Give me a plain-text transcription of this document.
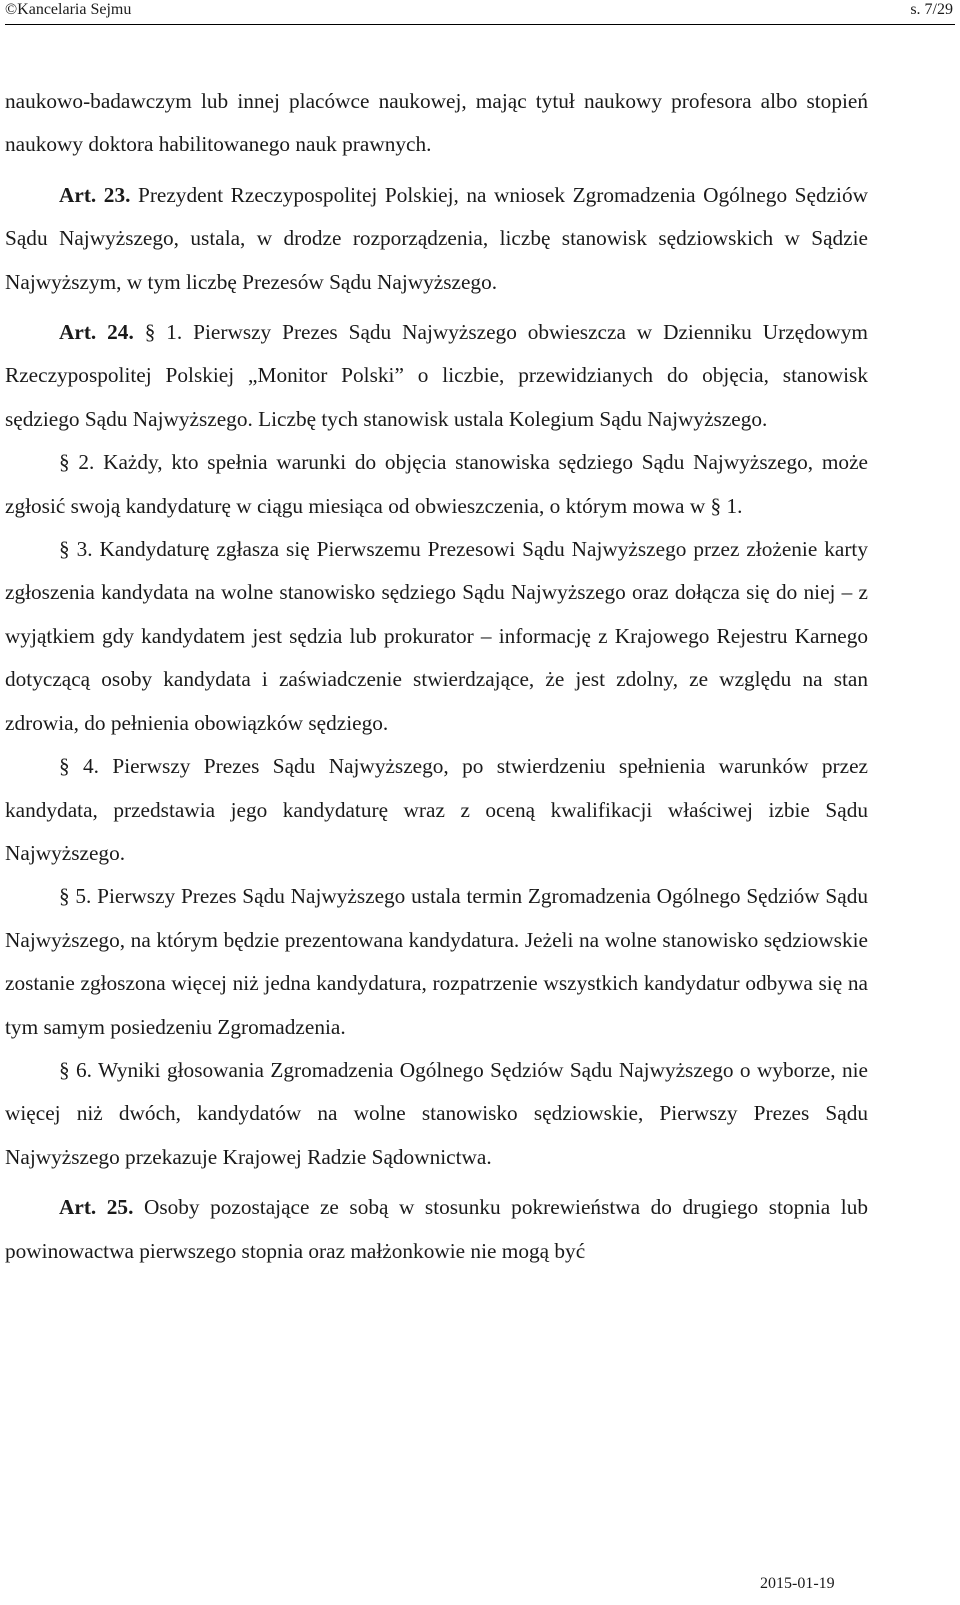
©Kancelaria Sejmu	s. 7/29

naukowo-badawczym lub innej placówce naukowej, mając tytuł naukowy profesora albo stopień naukowy doktora habilitowanego nauk prawnych.

Art. 23. Prezydent Rzeczypospolitej Polskiej, na wniosek Zgromadzenia Ogólnego Sędziów Sądu Najwyższego, ustala, w drodze rozporządzenia, liczbę stanowisk sędziowskich w Sądzie Najwyższym, w tym liczbę Prezesów Sądu Najwyższego.

Art. 24. § 1. Pierwszy Prezes Sądu Najwyższego obwieszcza w Dzienniku Urzędowym Rzeczypospolitej Polskiej „Monitor Polski” o liczbie, przewidzianych do objęcia, stanowisk sędziego Sądu Najwyższego. Liczbę tych stanowisk ustala Kolegium Sądu Najwyższego.

§ 2. Każdy, kto spełnia warunki do objęcia stanowiska sędziego Sądu Najwyższego, może zgłosić swoją kandydaturę w ciągu miesiąca od obwieszczenia, o którym mowa w § 1.

§ 3. Kandydaturę zgłasza się Pierwszemu Prezesowi Sądu Najwyższego przez złożenie karty zgłoszenia kandydata na wolne stanowisko sędziego Sądu Najwyższego oraz dołącza się do niej – z wyjątkiem gdy kandydatem jest sędzia lub prokurator – informację z Krajowego Rejestru Karnego dotyczącą osoby kandydata i zaświadczenie stwierdzające, że jest zdolny, ze względu na stan zdrowia, do pełnienia obowiązków sędziego.

§ 4. Pierwszy Prezes Sądu Najwyższego, po stwierdzeniu spełnienia warunków przez kandydata, przedstawia jego kandydaturę wraz z oceną kwalifikacji właściwej izbie Sądu Najwyższego.

§ 5. Pierwszy Prezes Sądu Najwyższego ustala termin Zgromadzenia Ogólnego Sędziów Sądu Najwyższego, na którym będzie prezentowana kandydatura. Jeżeli na wolne stanowisko sędziowskie zostanie zgłoszona więcej niż jedna kandydatura, rozpatrzenie wszystkich kandydatur odbywa się na tym samym posiedzeniu Zgromadzenia.

§ 6. Wyniki głosowania Zgromadzenia Ogólnego Sędziów Sądu Najwyższego o wyborze, nie więcej niż dwóch, kandydatów na wolne stanowisko sędziowskie, Pierwszy Prezes Sądu Najwyższego przekazuje Krajowej Radzie Sądownictwa.

Art. 25. Osoby pozostające ze sobą w stosunku pokrewieństwa do drugiego stopnia lub powinowactwa pierwszego stopnia oraz małżonkowie nie mogą być

2015-01-19
